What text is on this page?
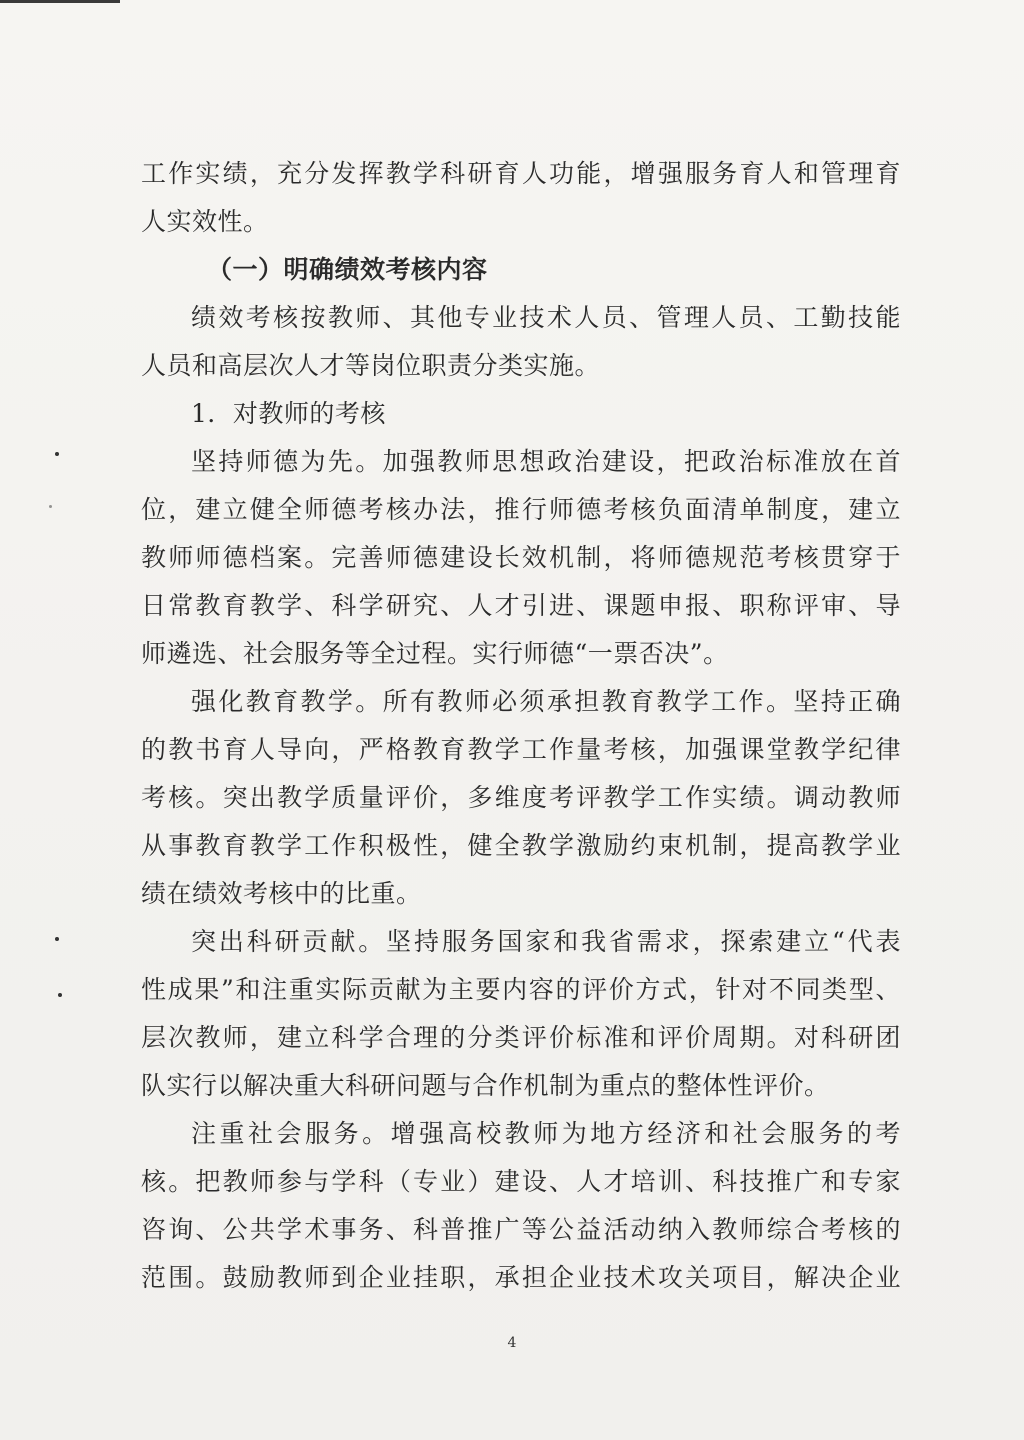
工作实绩，充分发挥教学科研育人功能，增强服务育人和管理育
人实效性。
（一）明确绩效考核内容
绩效考核按教师、其他专业技术人员、管理人员、工勤技能
人员和高层次人才等岗位职责分类实施。
1．对教师的考核
坚持师德为先。加强教师思想政治建设，把政治标准放在首
位，建立健全师德考核办法，推行师德考核负面清单制度，建立
教师师德档案。完善师德建设长效机制，将师德规范考核贯穿于
日常教育教学、科学研究、人才引进、课题申报、职称评审、导
师遴选、社会服务等全过程。实行师德“一票否决”。
强化教育教学。所有教师必须承担教育教学工作。坚持正确
的教书育人导向，严格教育教学工作量考核，加强课堂教学纪律
考核。突出教学质量评价，多维度考评教学工作实绩。调动教师
从事教育教学工作积极性，健全教学激励约束机制，提高教学业
绩在绩效考核中的比重。
突出科研贡献。坚持服务国家和我省需求，探索建立“代表
性成果”和注重实际贡献为主要内容的评价方式，针对不同类型、
层次教师，建立科学合理的分类评价标准和评价周期。对科研团
队实行以解决重大科研问题与合作机制为重点的整体性评价。
注重社会服务。增强高校教师为地方经济和社会服务的考
核。把教师参与学科（专业）建设、人才培训、科技推广和专家
咨询、公共学术事务、科普推广等公益活动纳入教师综合考核的
范围。鼓励教师到企业挂职，承担企业技术攻关项目，解决企业
4
